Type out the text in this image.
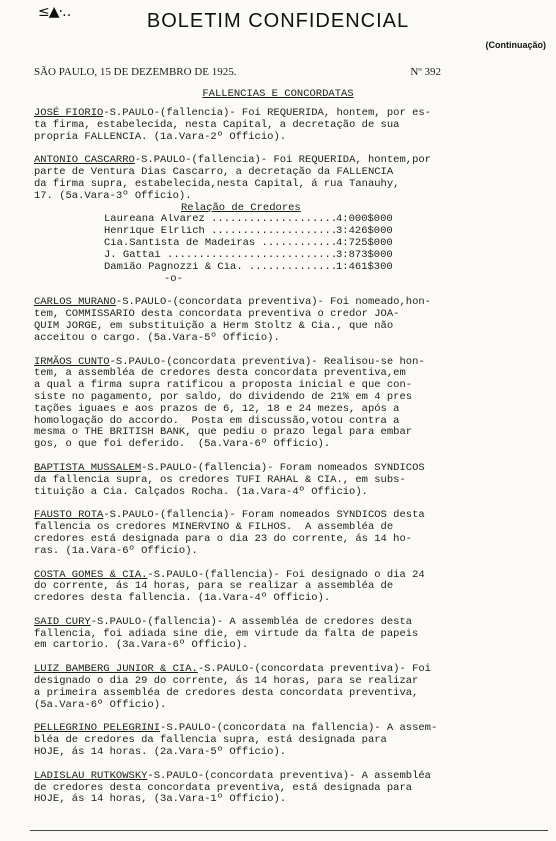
≤▲·‥	BOLETIM CONFIDENCIAL
(Continuação)
SÃO PAULO, 15 DE DEZEMBRO DE 1925.	Nº 392
FALLENCIAS E CONCORDATAS
JOSÉ FIORIO-S.PAULO-(fallencia)- Foi REQUERIDA, hontem, por es-
ta firma, estabelecida, nesta Capital, a decretação de sua
propria FALLENCIA. (1a.Vara-2º Officio).
ANTONIO CASCARRO-S.PAULO-(fallencia)- Foi REQUERIDA, hontem,por
parte de Ventura Dias Cascarro, a decretação da FALLENCIA
da firma supra, estabelecida,nesta Capital, á rua Tanauhy,
17. (5a.Vara-3º Officio).
Relação de Credores
Laureana Alvarez .....	4:000$000
Henrique Elrlich .....	3:426$000
Cia.Santista de Madeiras .....	4:725$000
J. Gattai .....	3:873$000
Damião Pagnozzi & Cia. .....	1:461$300
-o-
CARLOS MURANO-S.PAULO-(concordata preventiva)- Foi nomeado,hon-
tem, COMMISSARIO desta concordata preventiva o credor JOA-
QUIM JORGE, em substituição a Herm Stoltz & Cia., que não
acceitou o cargo. (5a.Vara-5º Officio).
IRMÃOS CUNTO-S.PAULO-(concordata preventiva)- Realisou-se hon-
tem, a assembléa de credores desta concordata preventiva,em
a qual a firma supra ratificou a proposta inicial e que con-
siste no pagamento, por saldo, do dividendo de 21% em 4 pres
tações iguaes e aos prazos de 6, 12, 18 e 24 mezes, após a
homologação do accordo.  Posta em discussão,votou contra a
mesma o THE BRITISH BANK, que pediu o prazo legal para embar
gos, o que foi deferido.  (5a.Vara-6º Officio).
BAPTISTA MUSSALEM-S.PAULO-(fallencia)- Foram nomeados SYNDICOS
da fallencia supra, os credores TUFI RAHAL & CIA., em subs-
tituição a Cia. Calçados Rocha. (1a.Vara-4º Officio).
FAUSTO ROTA-S.PAULO-(fallencia)- Foram nomeados SYNDICOS desta
fallencia os credores MINERVINO & FILHOS.  A assembléa de
credores está designada para o dia 23 do corrente, ás 14 ho-
ras. (1a.Vara-6º Officio).
COSTA GOMES & CIA.-S.PAULO-(fallencia)- Foi designado o dia 24
do corrente, ás 14 horas, para se realizar a assembléa de
credores desta fallencia. (1a.Vara-4º Officio).
SAID CURY-S.PAULO-(fallencia)- A assembléa de credores desta
fallencia, foi adiada sine die, em virtude da falta de papeis
em cartorio. (3a.Vara-6º Officio).
LUIZ BAMBERG JUNIOR & CIA.-S.PAULO-(concordata preventiva)- Foi
designado o dia 29 do corrente, ás 14 horas, para se realizar
a primeira assembléa de credores desta concordata preventiva,
(5a.Vara-6º Officio).
PELLEGRINO PELEGRINI-S.PAULO-(concordata na fallencia)- A assem-
bléa de credores da fallencia supra, está designada para
HOJE, ás 14 horas. (2a.Vara-5º Officio).
LADISLAU RUTKOWSKY-S.PAULO-(concordata preventiva)- A assembléa
de credores desta concordata preventiva, está designada para
HOJE, ás 14 horas, (3a.Vara-1º Officio).
